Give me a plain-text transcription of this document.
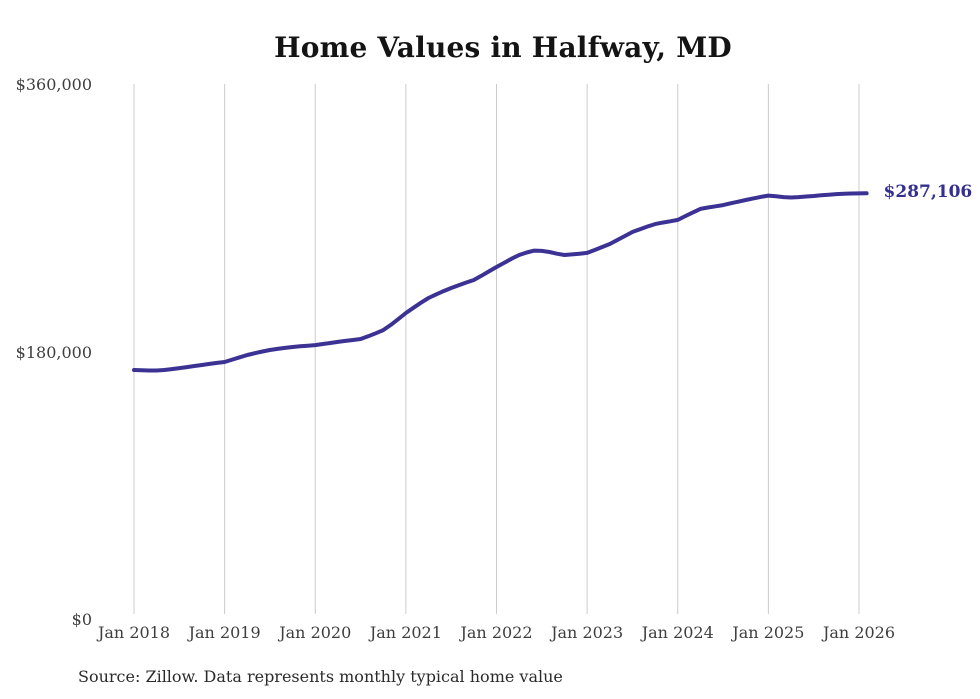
Home Values in Halfway, MD
$0
$180,000
$360,000
Jan 2018	Jan 2019	Jan 2020	Jan 2021	Jan 2022	Jan 2023	Jan 2024	Jan 2025	Jan 2026
$287,106
Source: Zillow. Data represents monthly typical home value
